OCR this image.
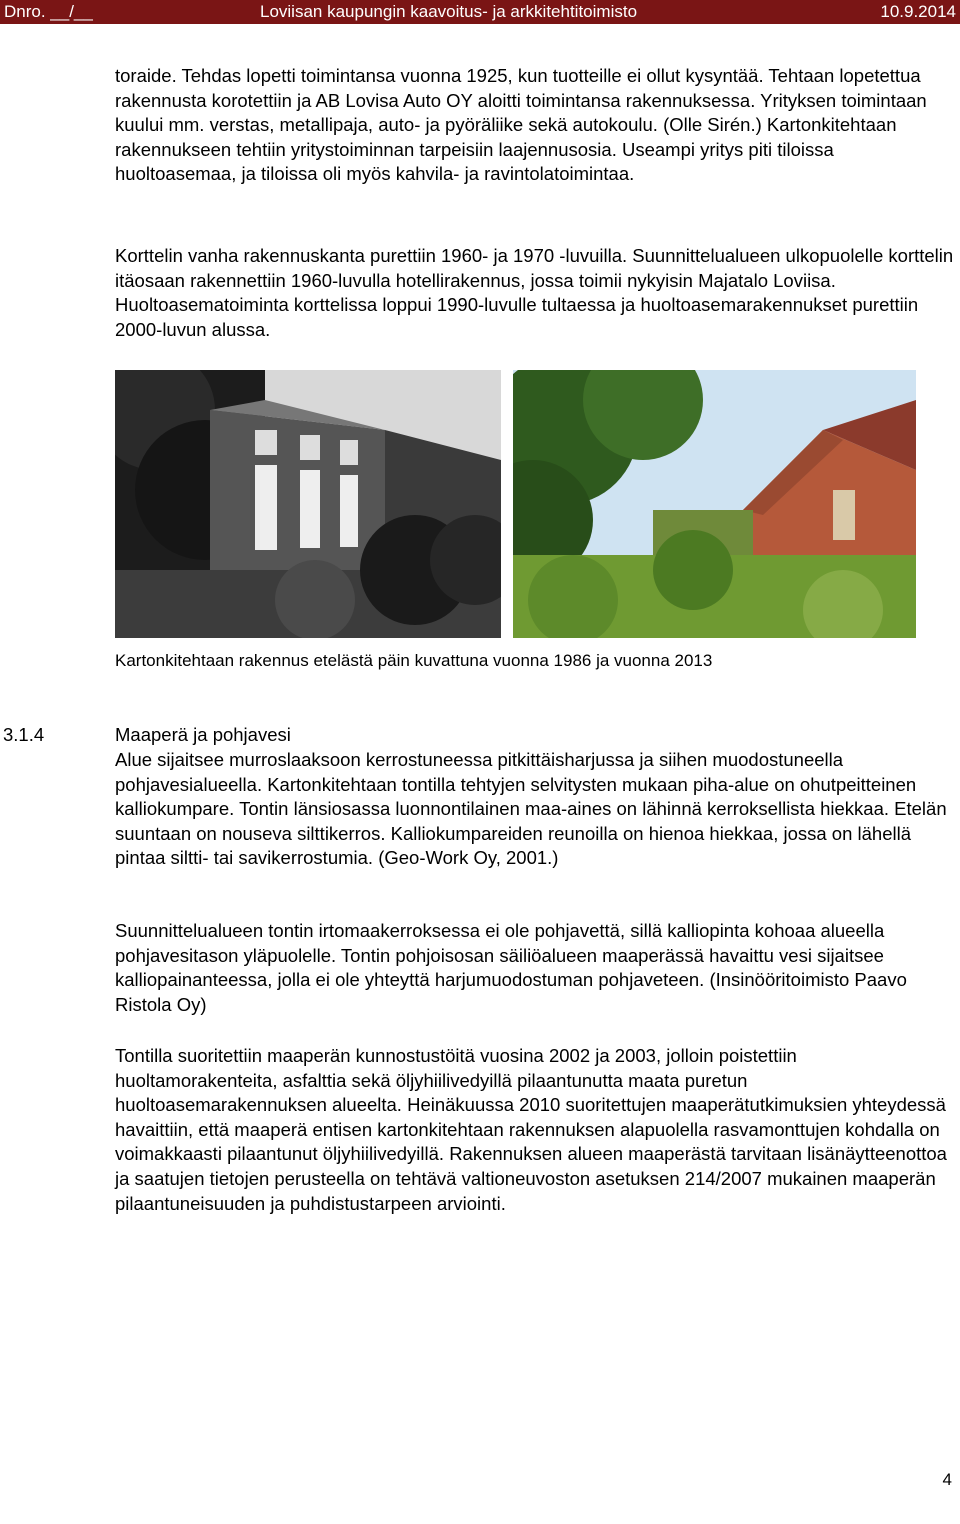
Dnro. __/__	Loviisan kaupungin kaavoitus- ja arkkitehtitoimisto	10.9.2014

toraide. Tehdas lopetti toimintansa vuonna 1925, kun tuotteille ei ollut kysyntää. Tehtaan lopetettua rakennusta korotettiin ja AB Lovisa Auto OY aloitti toimintansa rakennuksessa. Yrityksen toimintaan kuului mm. verstas, metallipaja, auto- ja pyöräliike sekä autokoulu. (Olle Sirén.) Kartonkitehtaan rakennukseen tehtiin yritystoiminnan tarpeisiin laajennusosia. Useampi yritys piti tiloissa huoltoasemaa, ja tiloissa oli myös kahvila- ja ravintolatoimintaa.

Korttelin vanha rakennuskanta purettiin 1960- ja 1970 -luvuilla. Suunnittelualueen ulkopuolelle korttelin itäosaan rakennettiin 1960-luvulla hotellirakennus, jossa toimii nykyisin Majatalo Loviisa. Huoltoasematoiminta korttelissa loppui 1990-luvulle tultaessa ja huoltoasemarakennukset purettiin 2000-luvun alussa.

Kartonkitehtaan rakennus etelästä päin kuvattuna vuonna 1986 ja vuonna 2013
3.1.4	Maaperä ja pohjavesi

Alue sijaitsee murroslaaksoon kerrostuneessa pitkittäisharjussa ja siihen muodostuneella pohjavesialueella. Kartonkitehtaan tontilla tehtyjen selvitysten mukaan piha-alue on ohutpeitteinen kalliokumpare. Tontin länsiosassa luonnontilainen maa-aines on lähinnä kerroksellista hiekkaa. Etelän suuntaan on nouseva silttikerros. Kalliokumpareiden reunoilla on hienoa hiekkaa, jossa on lähellä pintaa siltti- tai savikerrostumia. (Geo-Work Oy, 2001.)

Suunnittelualueen tontin irtomaakerroksessa ei ole pohjavettä, sillä kalliopinta kohoaa alueella pohjavesitason yläpuolelle. Tontin pohjoisosan säiliöalueen maaperässä havaittu vesi sijaitsee kalliopainanteessa, jolla ei ole yhteyttä harjumuodostuman pohjaveteen. (Insinööritoimisto Paavo Ristola Oy)

Tontilla suoritettiin maaperän kunnostustöitä vuosina 2002 ja 2003, jolloin poistettiin huoltamorakenteita, asfalttia sekä öljyhiilivedyillä pilaantunutta maata puretun huoltoasemarakennuksen alueelta. Heinäkuussa 2010 suoritettujen maaperätutkimuksien yhteydessä havaittiin, että maaperä entisen kartonkitehtaan rakennuksen alapuolella rasvamonttujen kohdalla on voimakkaasti pilaantunut öljyhiilivedyillä. Rakennuksen alueen maaperästä tarvitaan lisänäytteenottoa ja saatujen tietojen perusteella on tehtävä valtioneuvoston asetuksen 214/2007 mukainen maaperän pilaantuneisuuden ja puhdistustarpeen arviointi.

4
